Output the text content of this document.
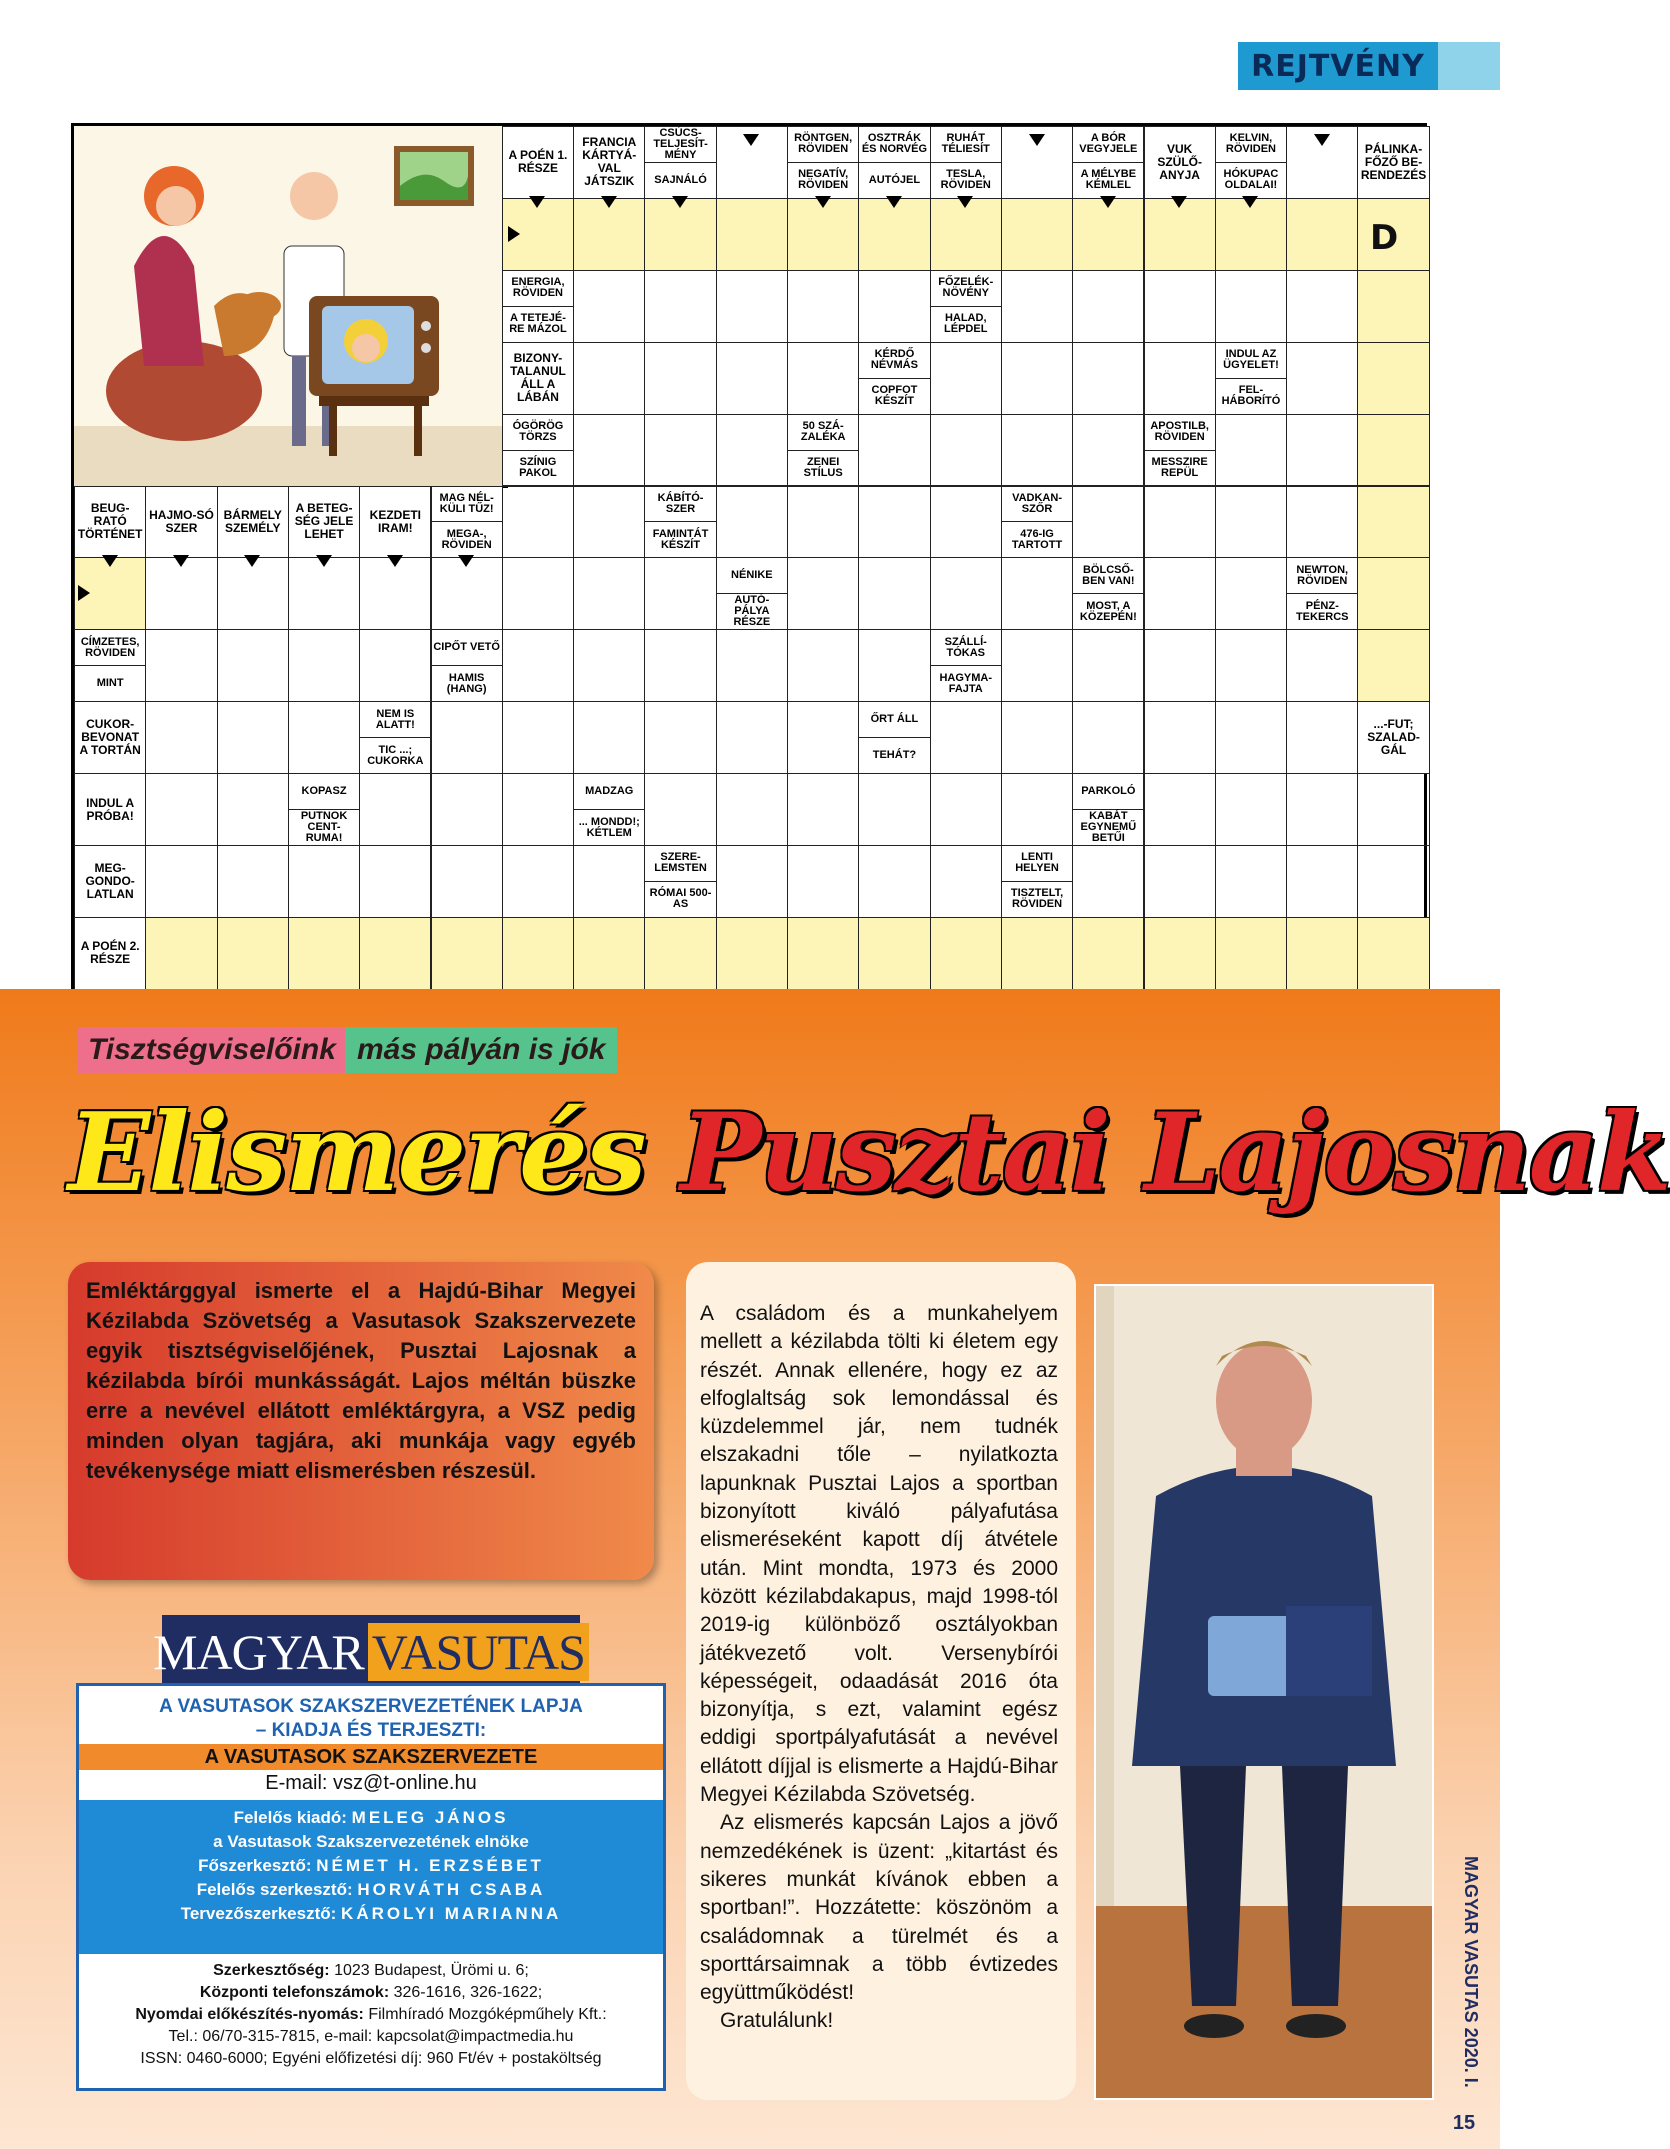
REJTVÉNY
A POÉN 1. RÉSZE
FRANCIA KÁRTYÁ-VAL JÁTSZIK
CSÚCS-TELJESÍT-MÉNY
SAJNÁLÓ
RÖNTGEN, RÖVIDEN
NEGATÍV, RÖVIDEN
OSZTRÁK ÉS NORVÉG
AUTÓJEL
RUHÁT TÉLIESÍT
TESLA, RÖVIDEN
A BÓR VEGYJELE
A MÉLYBE KÉMLEL
VUK SZÜLŐ-ANYJA
KELVIN, RÖVIDEN
HÓKUPAC OLDALAI!
PÁLINKA-FŐZŐ BE-RENDEZÉS
ENERGIA, RÖVIDEN
A TETEJÉ-RE MÁZOL
BIZONY-TALANUL ÁLL A LÁBÁN
ÓGÖRÖG TÖRZS
SZÍNIG PAKOL
FŐZELÉK-NÖVÉNY
HALAD, LÉPDEL
KÉRDŐ NÉVMÁS
COPFOT KÉSZÍT
INDUL AZ ÜGYELET!
FEL-HÁBORÍTÓ
50 SZÁ-ZALÉKA
ZENEI STÍLUS
APOSTILB, RÖVIDEN
MESSZIRE REPÜL
MAG NÉL-KÜLI TŰZ!
MEGA-, RÖVIDEN
KÁBÍTÓ-SZER
FAMINTÁT KÉSZÍT
VADKAN-SZŐR
476-IG TARTOTT
NÉNIKE
AUTÓ-PÁLYA RÉSZE
BÖLCSŐ-BEN VAN!
MOST, A KÖZEPÉN!
NEWTON, RÖVIDEN
PÉNZ-TEKERCS
BEUG-RATÓ TÖRTÉNET
HAJMO-SÓ SZER
BÁRMELY SZEMÉLY
A BETEG-SÉG JELE LEHET
KEZDETI IRAM!
CÍMZETES, RÖVIDEN
MINT
CUKOR-BEVONAT A TORTÁN
INDUL A PRÓBA!
MEG-GONDO-LATLAN
A POÉN 2. RÉSZE
CIPŐT VETŐ
HAMIS (HANG)
NEM IS ALATT!
TIC ...; CUKORKA
KOPASZ
PUTNOK CENT-RUMA!
MADZAG
... MONDD!; KÉTLEM
SZERE-LEMSTEN
RÓMAI 500-AS
SZÁLLÍ-TÓKAS
HAGYMA-FAJTA
ŐRT ÁLL
TEHÁT?
PARKOLÓ
KABÁT EGYNEMŰ BETŰI
LENTI HELYEN
TISZTELT, RÖVIDEN
...-FUT; SZALAD-GÁL
D
Tisztségviselőink más pályán is jók
Elismerés Pusztai Lajosnak
Emléktárggyal ismerte el a Hajdú-Bihar Megyei Kézilabda Szövetség a Vasutasok Szakszervezete egyik tisztségviselőjének, Pusztai Lajosnak a kézilabda bírói munkásságát. Lajos méltán büszke erre a nevével ellátott emléktárgyra, a VSZ pedig minden olyan tagjára, aki munkája vagy egyéb tevékenysége miatt elismerésben részesül.

A családom és a munkahelyem mellett a kézilabda tölti ki életem egy részét. Annak ellenére, hogy ez az elfoglaltság sok lemondással és küzdelemmel jár, nem tudnék elszakadni tőle – nyilatkozta lapunknak Pusztai Lajos a sportban bizonyított kiváló pályafutása elismeréseként kapott díj átvétele után. Mint mondta, 1973 és 2000 között kézilabdakapus, majd 1998-tól 2019-ig különböző osztályokban játékvezető volt. Versenybírói képességeit, odaadását 2016 óta bizonyítja, s ezt, valamint egész eddigi sportpályafutását a nevével ellátott díjjal is elismerte a Hajdú-Bihar Megyei Kézilabda Szövetség.

Az elismerés kapcsán Lajos a jövő nemzedékének is üzent: „kitartást és sikeres munkát kívánok ebben a sportban!”. Hozzátette: köszönöm a családomnak a türelmét és a sporttársaimnak a több évtizedes együttműködést!

Gratulálunk!

MAGYAR VASUTAS
A VASUTASOK SZAKSZERVEZETÉNEK LAPJA
– KIADJA ÉS TERJESZTI:
A VASUTASOK SZAKSZERVEZETE
E-mail: vsz@t-online.hu
Felelős kiadó: MELEG JÁNOS
a Vasutasok Szakszervezetének elnöke
Főszerkesztő: NÉMET H. ERZSÉBET
Felelős szerkesztő: HORVÁTH CSABA
Tervezőszerkesztő: KÁROLYI MARIANNA
Szerkesztőség: 1023 Budapest, Ürömi u. 6;
Központi telefonszámok: 326-1616, 326-1622;
Nyomdai előkészítés-nyomás: Filmhíradó Mozgóképműhely Kft.:
Tel.: 06/70-315-7815, e-mail: kapcsolat@impactmedia.hu
ISSN: 0460-6000; Egyéni előfizetési díj: 960 Ft/év + postaköltség	MAGYAR VASUTAS 2020. I.
15
